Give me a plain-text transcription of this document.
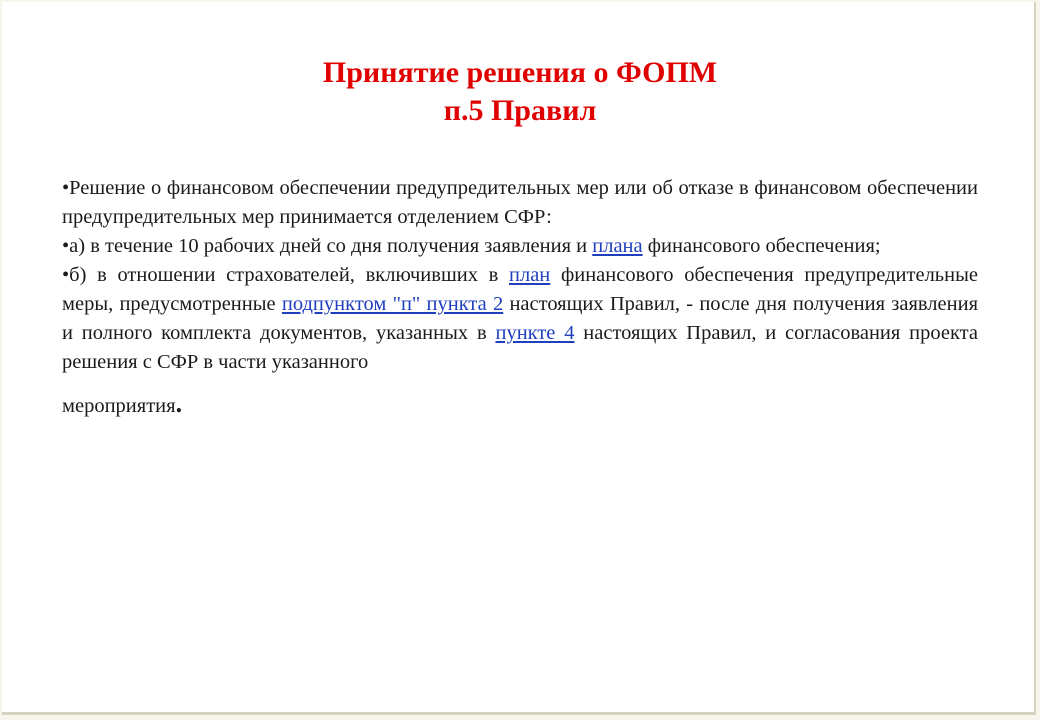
Принятие решения о ФОПМ
п.5 Правил

•Решение о финансовом обеспечении предупредительных мер или об отказе в финансовом обеспечении предупредительных мер принимается отделением СФР:

•а) в течение 10 рабочих дней со дня получения заявления и плана финансового обеспечения;

•б) в отношении страхователей, включивших в план финансового обеспечения предупредительные меры, предусмотренные подпунктом "п" пункта 2 настоящих Правил, - после дня получения заявления и полного комплекта документов, указанных в пункте 4 настоящих Правил, и согласования проекта решения с СФР в части указанного
мероприятия.
